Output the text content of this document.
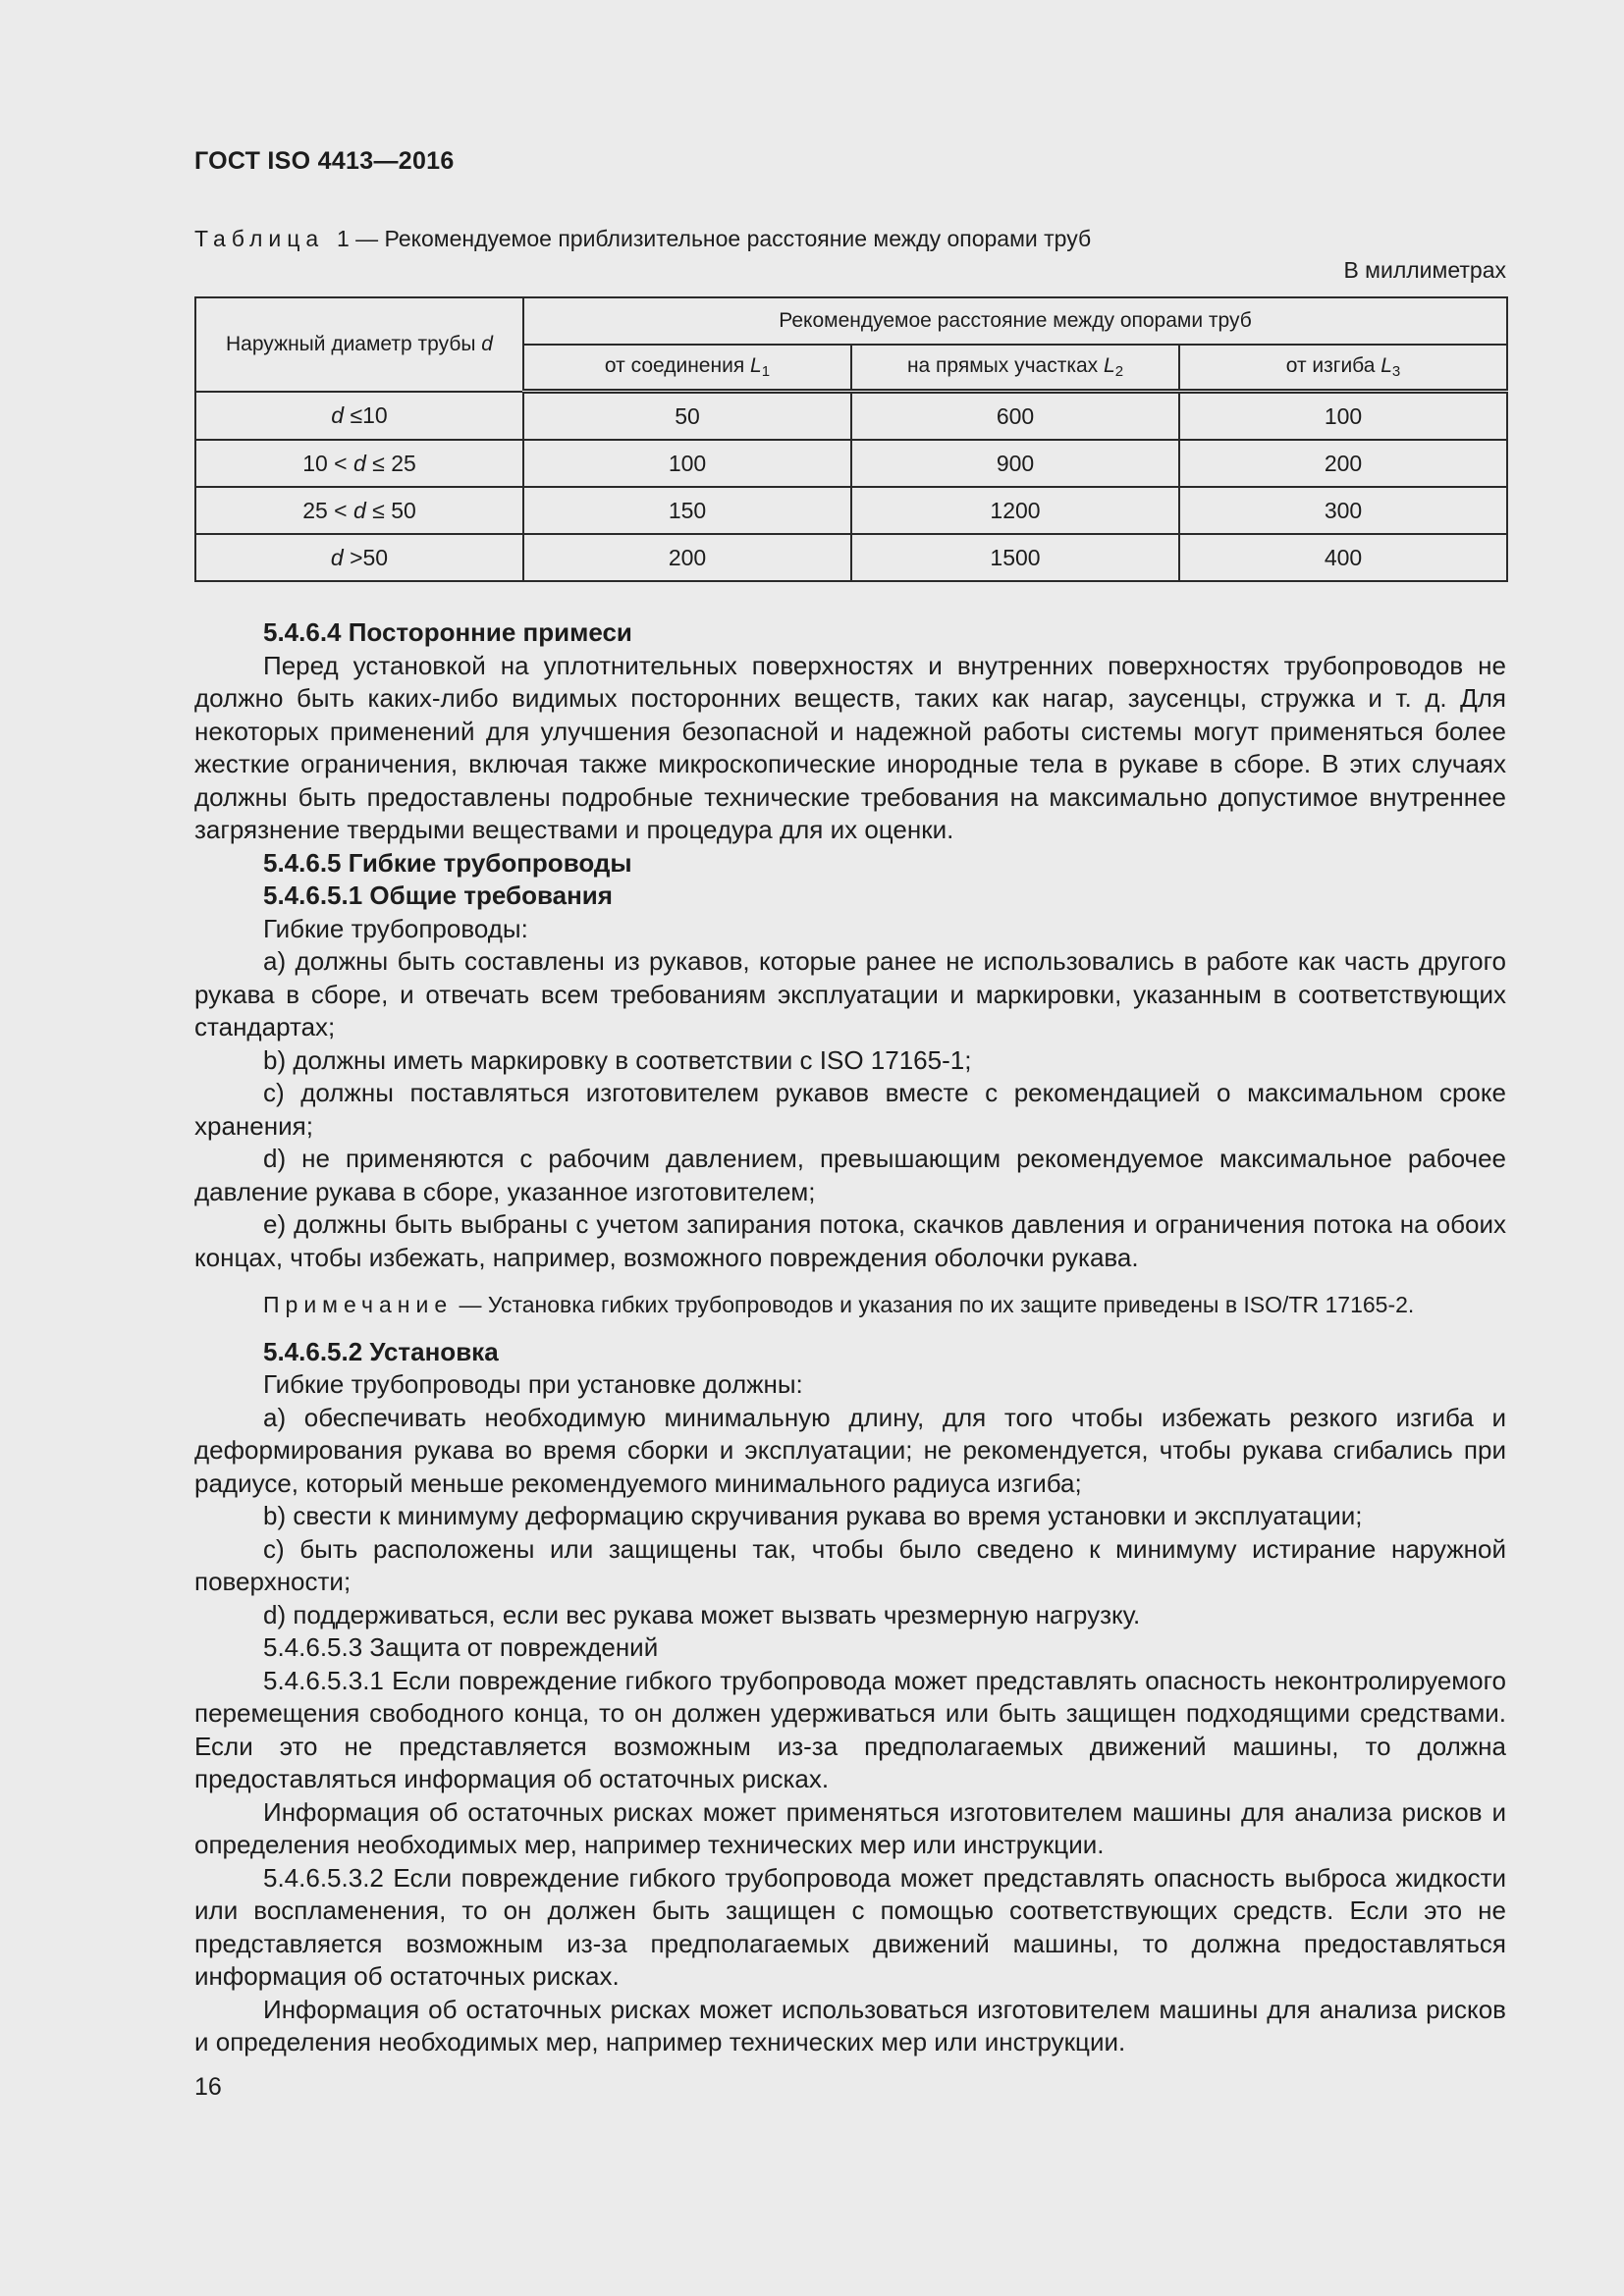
ГОСТ ISO 4413—2016
Таблица 1 — Рекомендуемое приблизительное расстояние между опорами труб
В миллиметрах
Наружный диаметр трубы d	Рекомендуемое расстояние между опорами труб		
	от соединения $L_1$	на прямых участках $L_2$	от изгиба $L_3$
d ≤10	50	600	100
10 < d ≤ 25	100	900	200
25 < d ≤ 50	150	1200	300
d >50	200	1500	400

5.4.6.4 Посторонние примеси

Перед установкой на уплотнительных поверхностях и внутренних поверхностях трубопроводов не должно быть каких-либо видимых посторонних веществ, таких как нагар, заусенцы, стружка и т. д. Для некоторых применений для улучшения безопасной и надежной работы системы могут применяться более жесткие ограничения, включая также микроскопические инородные тела в рукаве в сборе. В этих случаях должны быть предоставлены подробные технические требования на максимально допустимое внутреннее загрязнение твердыми веществами и процедура для их оценки.

5.4.6.5 Гибкие трубопроводы

5.4.6.5.1 Общие требования

Гибкие трубопроводы:

a) должны быть составлены из рукавов, которые ранее не использовались в работе как часть другого рукава в сборе, и отвечать всем требованиям эксплуатации и маркировки, указанным в соответствующих стандартах;

b) должны иметь маркировку в соответствии с ISO 17165-1;

c) должны поставляться изготовителем рукавов вместе с рекомендацией о максимальном сроке хранения;

d) не применяются с рабочим давлением, превышающим рекомендуемое максимальное рабочее давление рукава в сборе, указанное изготовителем;

e) должны быть выбраны с учетом запирания потока, скачков давления и ограничения потока на обоих концах, чтобы избежать, например, возможного повреждения оболочки рукава.

Примечание — Установка гибких трубопроводов и указания по их защите приведены в ISO/TR 17165-2.

5.4.6.5.2 Установка

Гибкие трубопроводы при установке должны:

a) обеспечивать необходимую минимальную длину, для того чтобы избежать резкого изгиба и деформирования рукава во время сборки и эксплуатации; не рекомендуется, чтобы рукава сгибались при радиусе, который меньше рекомендуемого минимального радиуса изгиба;

b) свести к минимуму деформацию скручивания рукава во время установки и эксплуатации;

c) быть расположены или защищены так, чтобы было сведено к минимуму истирание наружной поверхности;

d) поддерживаться, если вес рукава может вызвать чрезмерную нагрузку.

5.4.6.5.3 Защита от повреждений

5.4.6.5.3.1 Если повреждение гибкого трубопровода может представлять опасность неконтролируемого перемещения свободного конца, то он должен удерживаться или быть защищен подходящими средствами. Если это не представляется возможным из-за предполагаемых движений машины, то должна предоставляться информация об остаточных рисках.

Информация об остаточных рисках может применяться изготовителем машины для анализа рисков и определения необходимых мер, например технических мер или инструкции.

5.4.6.5.3.2 Если повреждение гибкого трубопровода может представлять опасность выброса жидкости или воспламенения, то он должен быть защищен с помощью соответствующих средств. Если это не представляется возможным из-за предполагаемых движений машины, то должна предоставляться информация об остаточных рисках.

Информация об остаточных рисках может использоваться изготовителем машины для анализа рисков и определения необходимых мер, например технических мер или инструкции.

16
